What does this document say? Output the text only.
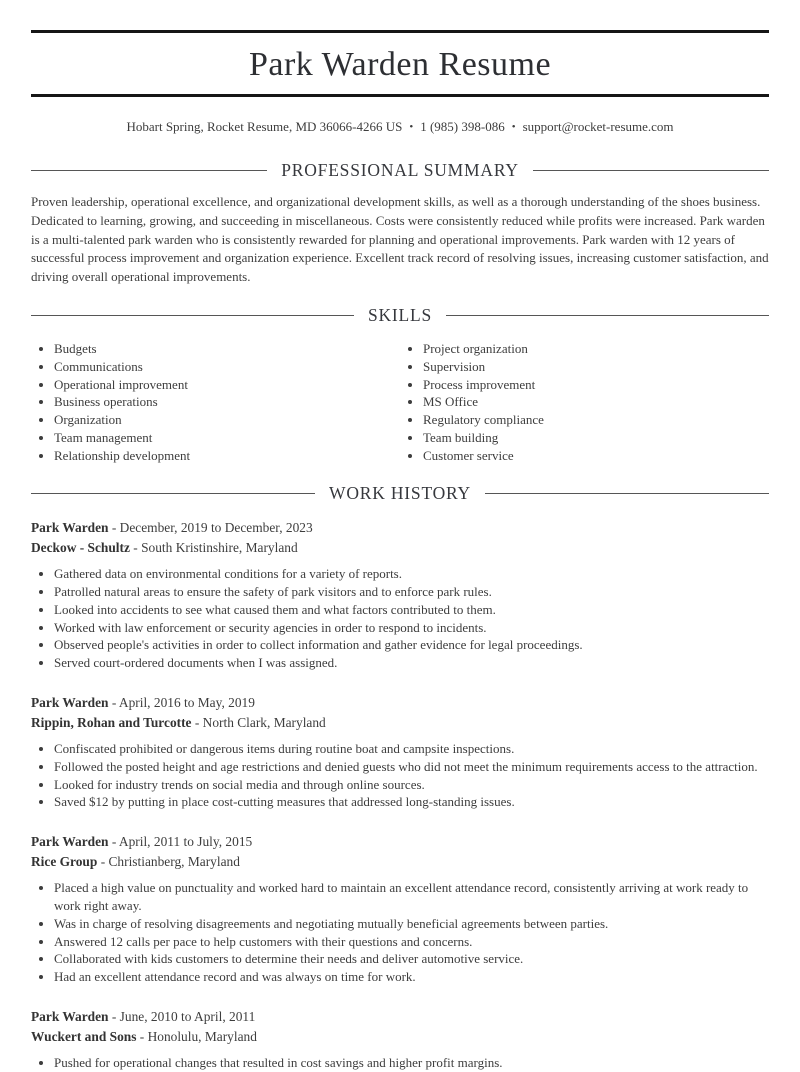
Park Warden Resume
Hobart Spring, Rocket Resume, MD 36066-4266 US • 1 (985) 398-086 • support@rocket-resume.com
PROFESSIONAL SUMMARY

Proven leadership, operational excellence, and organizational development skills, as well as a thorough understanding of the shoes business. Dedicated to learning, growing, and succeeding in miscellaneous. Costs were consistently reduced while profits were increased. Park warden is a multi-talented park warden who is consistently rewarded for planning and operational improvements. Park warden with 12 years of successful process improvement and organization experience. Excellent track record of resolving issues, increasing customer satisfaction, and driving overall operational improvements.

SKILLS
• Budgets
• Communications
• Operational improvement
• Business operations
• Organization
• Team management
• Relationship development
• Project organization
• Supervision
• Process improvement
• MS Office
• Regulatory compliance
• Team building
• Customer service
WORK HISTORY

Park Warden - December, 2019 to December, 2023

Deckow - Schultz - South Kristinshire, Maryland

• Gathered data on environmental conditions for a variety of reports.
• Patrolled natural areas to ensure the safety of park visitors and to enforce park rules.
• Looked into accidents to see what caused them and what factors contributed to them.
• Worked with law enforcement or security agencies in order to respond to incidents.
• Observed people's activities in order to collect information and gather evidence for legal proceedings.
• Served court-ordered documents when I was assigned.

Park Warden - April, 2016 to May, 2019

Rippin, Rohan and Turcotte - North Clark, Maryland

• Confiscated prohibited or dangerous items during routine boat and campsite inspections.
• Followed the posted height and age restrictions and denied guests who did not meet the minimum requirements access to the attraction.
• Looked for industry trends on social media and through online sources.
• Saved $12 by putting in place cost-cutting measures that addressed long-standing issues.

Park Warden - April, 2011 to July, 2015

Rice Group - Christianberg, Maryland

• Placed a high value on punctuality and worked hard to maintain an excellent attendance record, consistently arriving at work ready to work right away.
• Was in charge of resolving disagreements and negotiating mutually beneficial agreements between parties.
• Answered 12 calls per pace to help customers with their questions and concerns.
• Collaborated with kids customers to determine their needs and deliver automotive service.
• Had an excellent attendance record and was always on time for work.

Park Warden - June, 2010 to April, 2011

Wuckert and Sons - Honolulu, Maryland

• Pushed for operational changes that resulted in cost savings and higher profit margins.
